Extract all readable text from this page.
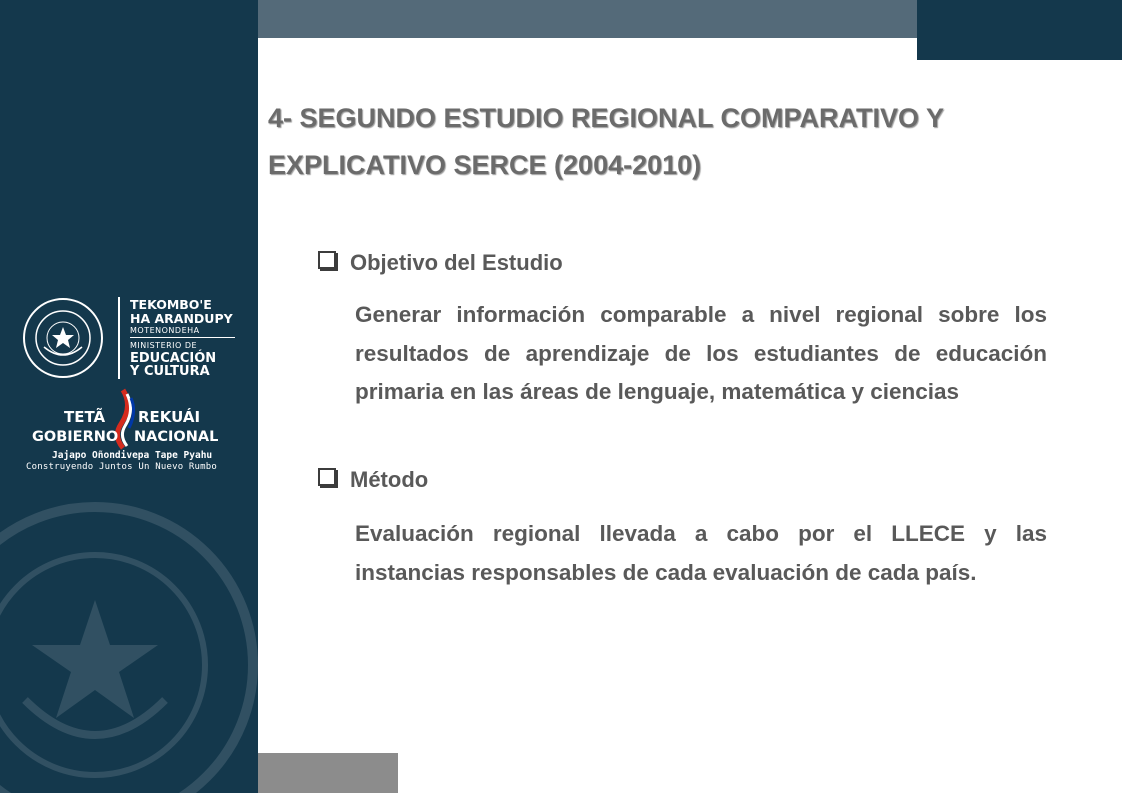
TEKOMBO'E
HA ARANDUPY
MOTENONDEHA
MINISTERIO DE
EDUCACIÓN
Y CULTURA
TETÃ REKUÁI
GOBIERNO NACIONAL
Jajapo Oñondivepa Tape Pyahu
Construyendo Juntos Un Nuevo Rumbo
4- SEGUNDO ESTUDIO REGIONAL COMPARATIVO Y EXPLICATIVO SERCE (2004-2010)
Objetivo del Estudio

Generar información comparable a nivel regional sobre los resultados de aprendizaje de los estudiantes de educación primaria en las áreas de lenguaje, matemática y ciencias

Método

Evaluación regional llevada a cabo por el LLECE y las instancias responsables de cada evaluación de cada país.
